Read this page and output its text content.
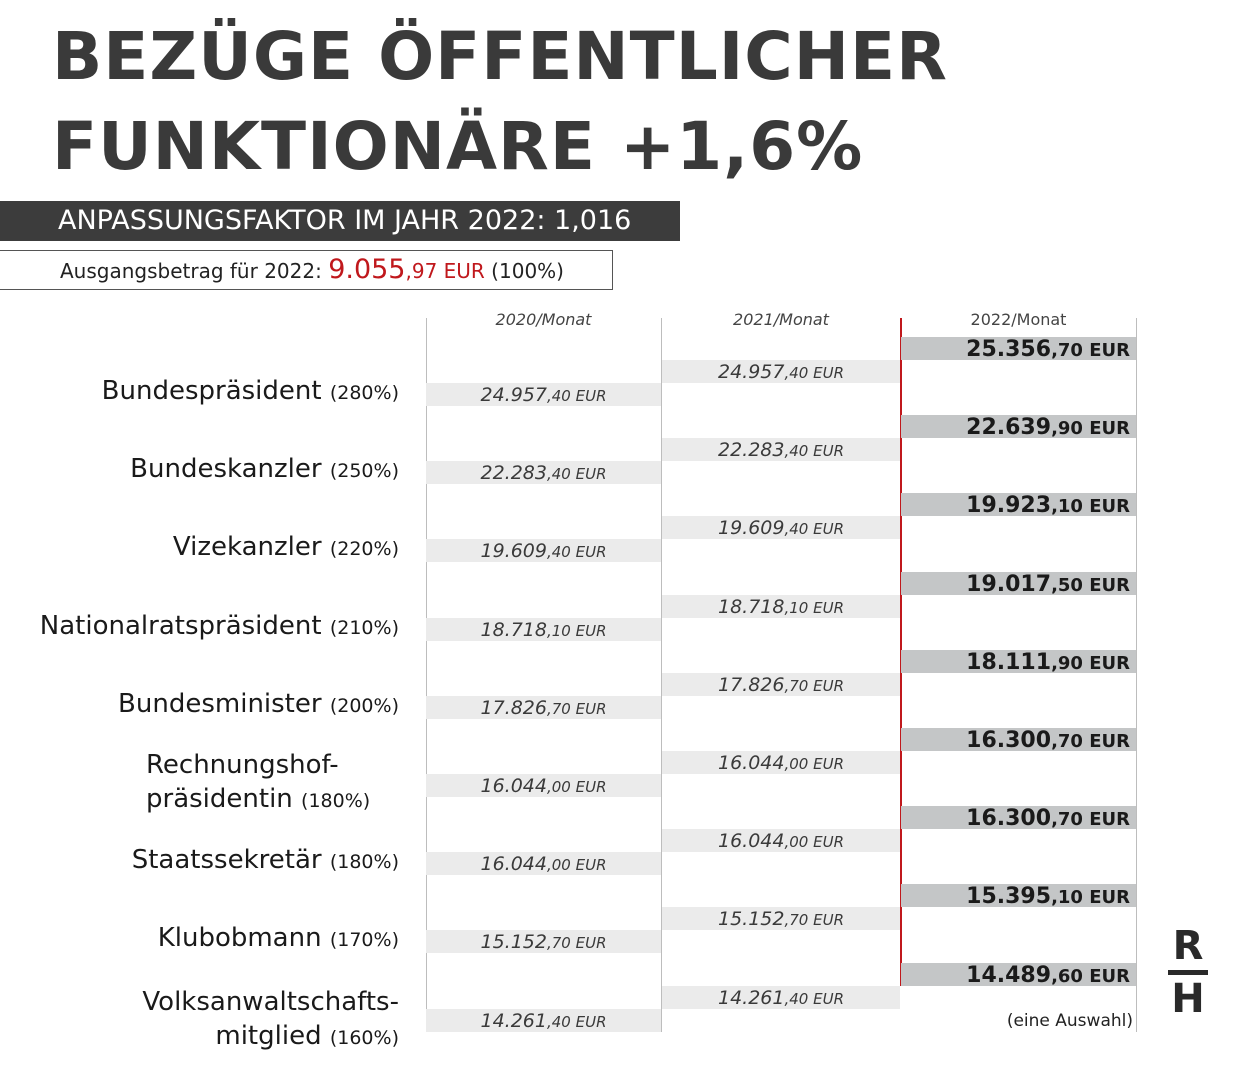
BEZÜGE ÖFFENTLICHER
FUNKTIONÄRE +1,6%
ANPASSUNGSFAKTOR IM JAHR 2022: 1,016
Ausgangsbetrag für 2022: 9.055,97 EUR (100%)
2020/Monat	2021/Monat	2022/Monat
24.957,40 EUR
24.957,40 EUR
25.356,70 EUR
Bundespräsident (280%)
22.283,40 EUR
22.283,40 EUR
22.639,90 EUR
Bundeskanzler (250%)
19.609,40 EUR
19.609,40 EUR
19.923,10 EUR
Vizekanzler (220%)
18.718,10 EUR
18.718,10 EUR
19.017,50 EUR
Nationalratspräsident (210%)
17.826,70 EUR
17.826,70 EUR
18.111,90 EUR
Bundesminister (200%)
16.044,00 EUR
16.044,00 EUR
16.300,70 EUR
Rechnungshof-
präsidentin (180%)
16.044,00 EUR
16.044,00 EUR
16.300,70 EUR
Staatssekretär (180%)
15.152,70 EUR
15.152,70 EUR
15.395,10 EUR
Klubobmann (170%)
14.261,40 EUR
14.261,40 EUR
14.489,60 EUR
Volksanwaltschafts-
mitglied (160%)
(eine Auswahl)
R
H
